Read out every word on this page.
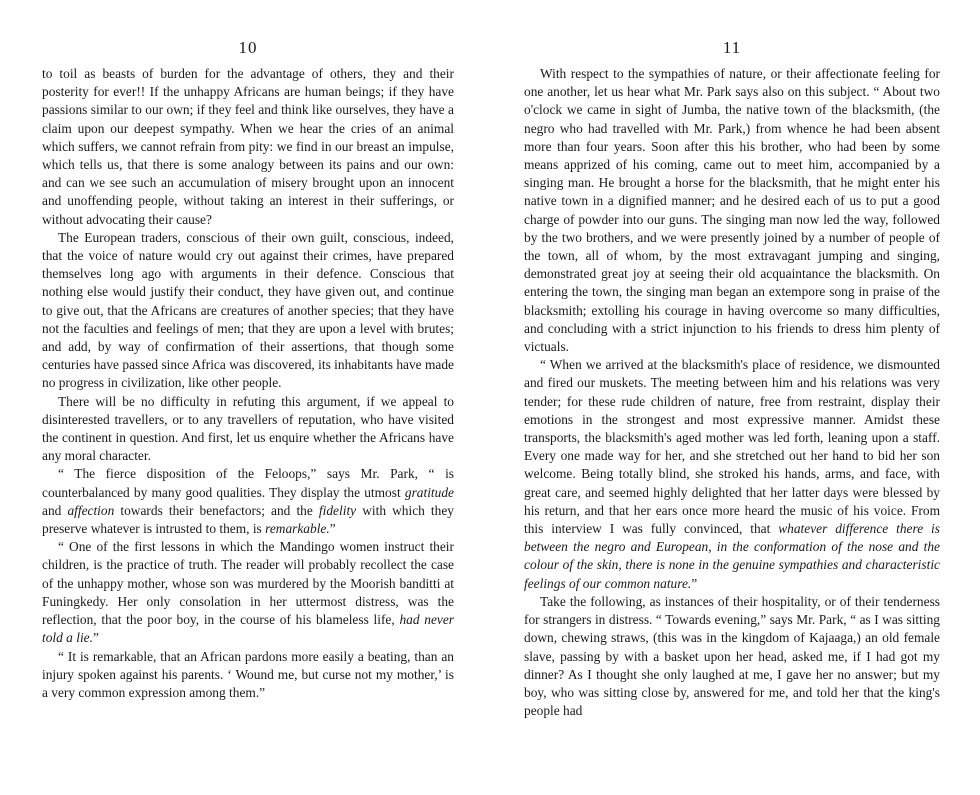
10

to toil as beasts of burden for the advantage of others, they and their posterity for ever!! If the unhappy Africans are human beings; if they have passions similar to our own; if they feel and think like ourselves, they have a claim upon our deepest sympathy. When we hear the cries of an animal which suffers, we cannot refrain from pity: we find in our breast an impulse, which tells us, that there is some analogy between its pains and our own: and can we see such an accumulation of misery brought upon an innocent and unoffending people, without taking an interest in their sufferings, or without advocating their cause?

The European traders, conscious of their own guilt, conscious, indeed, that the voice of nature would cry out against their crimes, have prepared themselves long ago with arguments in their defence. Conscious that nothing else would justify their conduct, they have given out, and continue to give out, that the Africans are creatures of another species; that they have not the faculties and feelings of men; that they are upon a level with brutes; and add, by way of confirmation of their assertions, that though some centuries have passed since Africa was discovered, its inhabitants have made no progress in civilization, like other people.

There will be no difficulty in refuting this argument, if we appeal to disinterested travellers, or to any travellers of reputation, who have visited the continent in question. And first, let us enquire whether the Africans have any moral character.

“ The fierce disposition of the Feloops,” says Mr. Park, “ is counterbalanced by many good qualities. They display the utmost gratitude and affection towards their benefactors; and the fidelity with which they preserve whatever is intrusted to them, is remarkable.”

“ One of the first lessons in which the Mandingo women instruct their children, is the practice of truth. The reader will probably recollect the case of the unhappy mother, whose son was murdered by the Moorish banditti at Funingkedy. Her only consolation in her uttermost distress, was the reflection, that the poor boy, in the course of his blameless life, had never told a lie.”

“ It is remarkable, that an African pardons more easily a beating, than an injury spoken against his parents. ‘ Wound me, but curse not my mother,’ is a very common expression among them.”

11

With respect to the sympathies of nature, or their affectionate feeling for one another, let us hear what Mr. Park says also on this subject. “ About two o'clock we came in sight of Jumba, the native town of the blacksmith, (the negro who had travelled with Mr. Park,) from whence he had been absent more than four years. Soon after this his brother, who had been by some means apprized of his coming, came out to meet him, accompanied by a singing man. He brought a horse for the blacksmith, that he might enter his native town in a dignified manner; and he desired each of us to put a good charge of powder into our guns. The singing man now led the way, followed by the two brothers, and we were presently joined by a number of people of the town, all of whom, by the most extravagant jumping and singing, demonstrated great joy at seeing their old acquaintance the blacksmith. On entering the town, the singing man began an extempore song in praise of the blacksmith; extolling his courage in having overcome so many difficulties, and concluding with a strict injunction to his friends to dress him plenty of victuals.

“ When we arrived at the blacksmith's place of residence, we dismounted and fired our muskets. The meeting between him and his relations was very tender; for these rude children of nature, free from restraint, display their emotions in the strongest and most expressive manner. Amidst these transports, the blacksmith's aged mother was led forth, leaning upon a staff. Every one made way for her, and she stretched out her hand to bid her son welcome. Being totally blind, she stroked his hands, arms, and face, with great care, and seemed highly delighted that her latter days were blessed by his return, and that her ears once more heard the music of his voice. From this interview I was fully convinced, that whatever difference there is between the negro and European, in the conformation of the nose and the colour of the skin, there is none in the genuine sympathies and characteristic feelings of our common nature.”

Take the following, as instances of their hospitality, or of their tenderness for strangers in distress. “ Towards evening,” says Mr. Park, “ as I was sitting down, chewing straws, (this was in the kingdom of Kajaaga,) an old female slave, passing by with a basket upon her head, asked me, if I had got my dinner? As I thought she only laughed at me, I gave her no answer; but my boy, who was sitting close by, answered for me, and told her that the king's people had
